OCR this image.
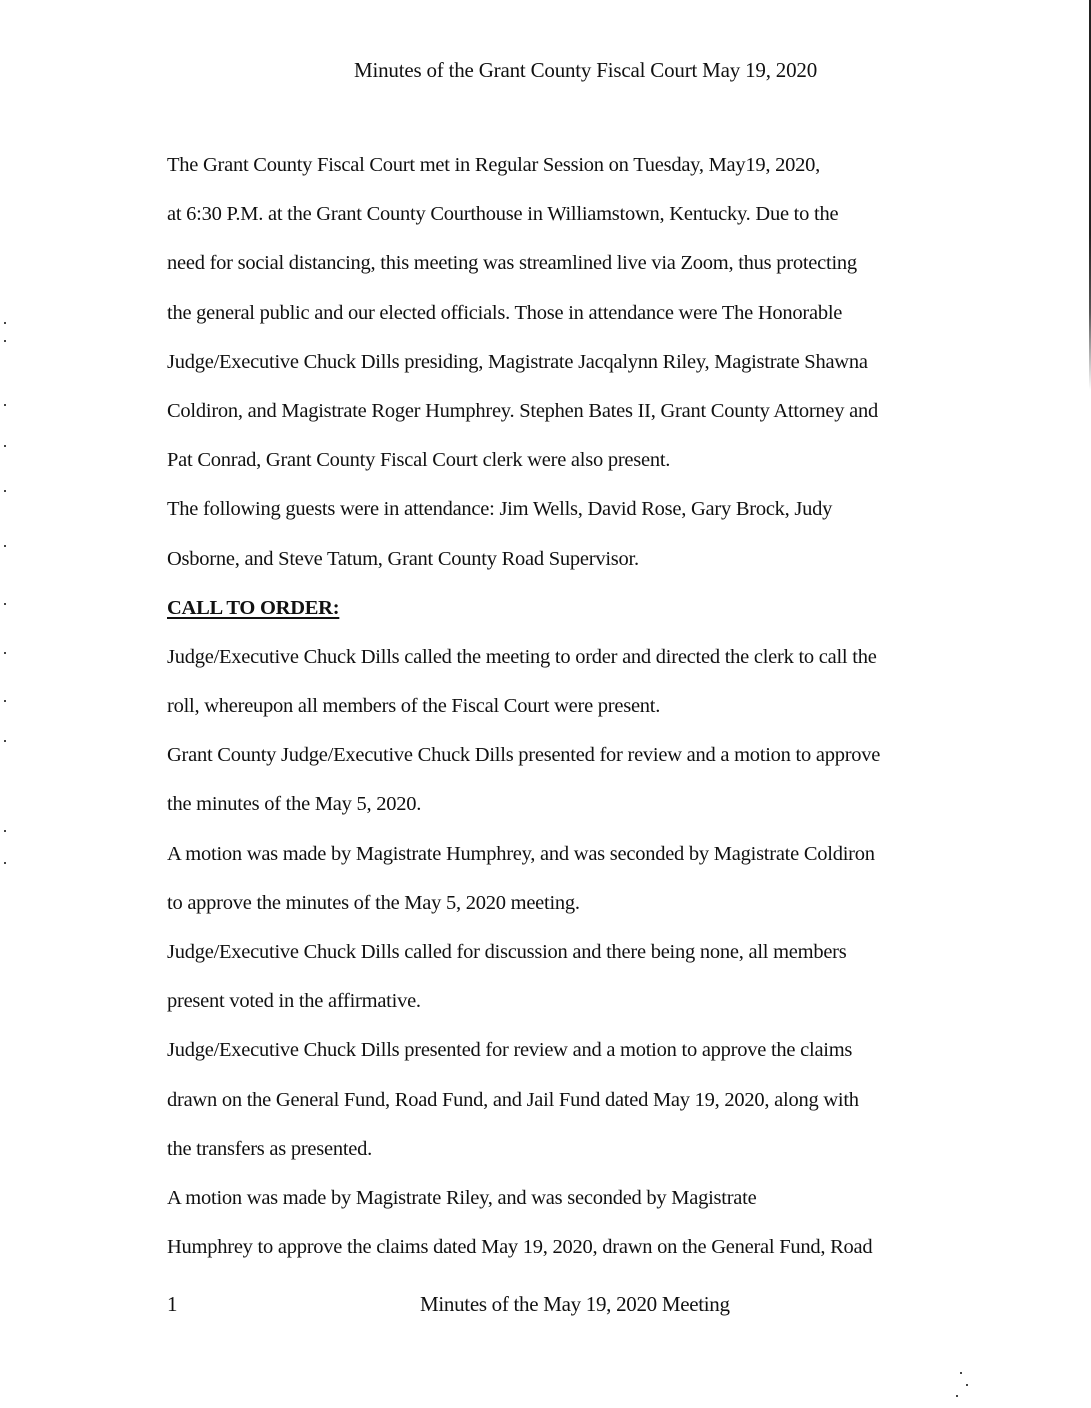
Minutes of the Grant County Fiscal Court May 19, 2020
The Grant County Fiscal Court met in Regular Session on Tuesday, May19, 2020,
at 6:30 P.M. at the Grant County Courthouse in Williamstown, Kentucky. Due to the
need for social distancing, this meeting was streamlined live via Zoom, thus protecting
the general public and our elected officials. Those in attendance were The Honorable
Judge/Executive Chuck Dills presiding, Magistrate Jacqalynn Riley, Magistrate Shawna
Coldiron, and Magistrate Roger Humphrey. Stephen Bates II, Grant County Attorney and
Pat Conrad, Grant County Fiscal Court clerk were also present.
The following guests were in attendance: Jim Wells, David Rose, Gary Brock, Judy
Osborne, and Steve Tatum, Grant County Road Supervisor.
CALL TO ORDER:
Judge/Executive Chuck Dills called the meeting to order and directed the clerk to call the
roll, whereupon all members of the Fiscal Court were present.
Grant County Judge/Executive Chuck Dills presented for review and a motion to approve
the minutes of the May 5, 2020.
A motion was made by Magistrate Humphrey, and was seconded by Magistrate Coldiron
to approve the minutes of the May 5, 2020 meeting.
Judge/Executive Chuck Dills called for discussion and there being none, all members
present voted in the affirmative.
Judge/Executive Chuck Dills presented for review and a motion to approve the claims
drawn on the General Fund, Road Fund, and Jail Fund dated May 19, 2020, along with
the transfers as presented.
A motion was made by Magistrate Riley, and was seconded by Magistrate
Humphrey to approve the claims dated May 19, 2020, drawn on the General Fund, Road
1	Minutes of the May 19, 2020 Meeting
